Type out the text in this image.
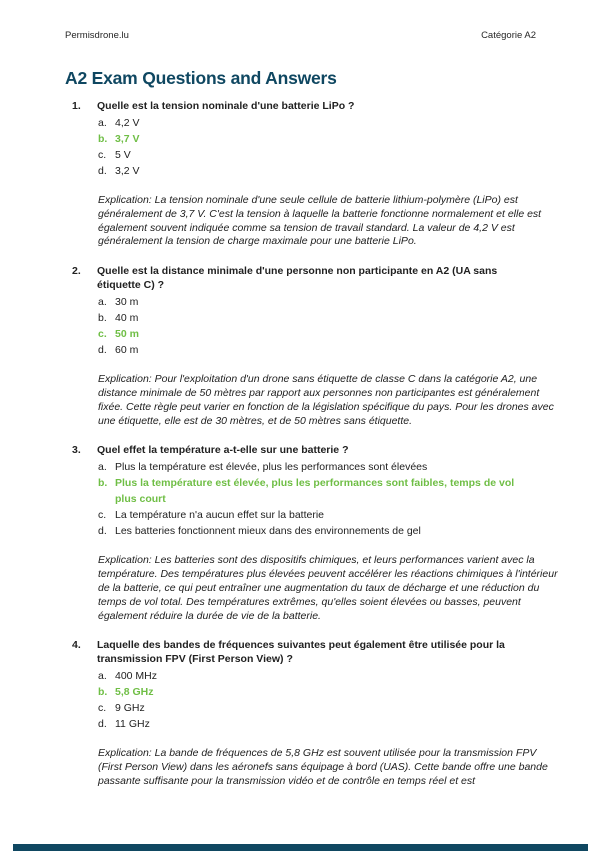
Permisdrone.lu	Catégorie A2
A2 Exam Questions and Answers
1.	Quelle est la tension nominale d'une batterie LiPo ?
a. 4,2 V
b. 3,7 V
c. 5 V
d. 3,2 V
Explication: La tension nominale d'une seule cellule de batterie lithium-polymère (LiPo) est généralement de 3,7 V. C'est la tension à laquelle la batterie fonctionne normalement et elle est également souvent indiquée comme sa tension de travail standard. La valeur de 4,2 V est généralement la tension de charge maximale pour une batterie LiPo.
2.	Quelle est la distance minimale d'une personne non participante en A2 (UA sans étiquette C) ?
a. 30 m
b. 40 m
c. 50 m
d. 60 m
Explication: Pour l'exploitation d'un drone sans étiquette de classe C dans la catégorie A2, une distance minimale de 50 mètres par rapport aux personnes non participantes est généralement fixée. Cette règle peut varier en fonction de la législation spécifique du pays. Pour les drones avec une étiquette, elle est de 30 mètres, et de 50 mètres sans étiquette.
3.	Quel effet la température a-t-elle sur une batterie ?
a. Plus la température est élevée, plus les performances sont élevées
b. Plus la température est élevée, plus les performances sont faibles, temps de vol plus court
c. La température n'a aucun effet sur la batterie
d. Les batteries fonctionnent mieux dans des environnements de gel
Explication: Les batteries sont des dispositifs chimiques, et leurs performances varient avec la température. Des températures plus élevées peuvent accélérer les réactions chimiques à l'intérieur de la batterie, ce qui peut entraîner une augmentation du taux de décharge et une réduction du temps de vol total. Des températures extrêmes, qu'elles soient élevées ou basses, peuvent également réduire la durée de vie de la batterie.
4.	Laquelle des bandes de fréquences suivantes peut également être utilisée pour la transmission FPV (First Person View) ?
a. 400 MHz
b. 5,8 GHz
c. 9 GHz
d. 11 GHz
Explication: La bande de fréquences de 5,8 GHz est souvent utilisée pour la transmission FPV (First Person View) dans les aéronefs sans équipage à bord (UAS). Cette bande offre une bande passante suffisante pour la transmission vidéo et de contrôle en temps réel et est
